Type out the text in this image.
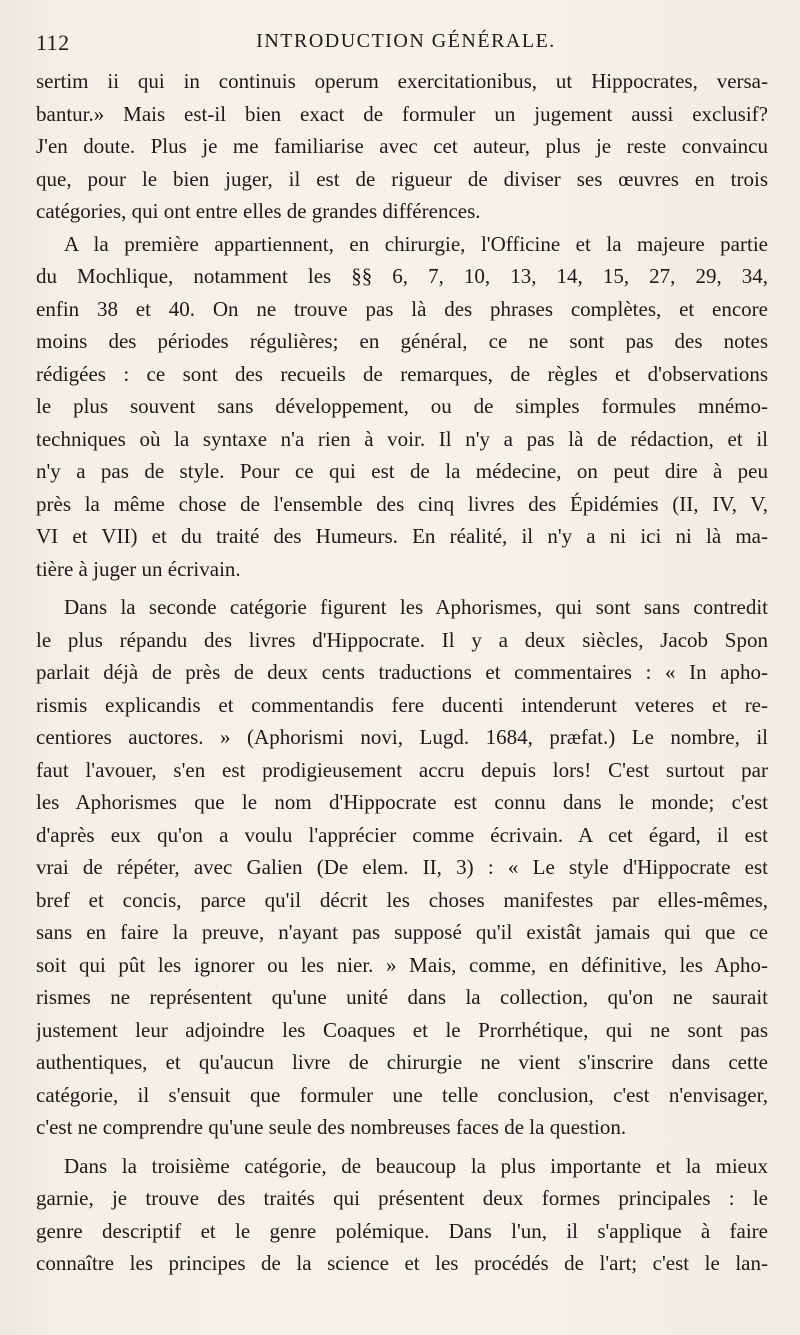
112	INTRODUCTION GÉNÉRALE.
sertim ii qui in continuis operum exercitationibus, ut Hippocrates, versa-
bantur.» Mais est-il bien exact de formuler un jugement aussi exclusif?
J'en doute. Plus je me familiarise avec cet auteur, plus je reste convaincu
que, pour le bien juger, il est de rigueur de diviser ses œuvres en trois
catégories, qui ont entre elles de grandes différences.
A la première appartiennent, en chirurgie, l'Officine et la majeure partie
du Mochlique, notamment les §§ 6, 7, 10, 13, 14, 15, 27, 29, 34,
enfin 38 et 40. On ne trouve pas là des phrases complètes, et encore
moins des périodes régulières; en général, ce ne sont pas des notes
rédigées : ce sont des recueils de remarques, de règles et d'observations
le plus souvent sans développement, ou de simples formules mnémo-
techniques où la syntaxe n'a rien à voir. Il n'y a pas là de rédaction, et il
n'y a pas de style. Pour ce qui est de la médecine, on peut dire à peu
près la même chose de l'ensemble des cinq livres des Épidémies (II, IV, V,
VI et VII) et du traité des Humeurs. En réalité, il n'y a ni ici ni là ma-
tière à juger un écrivain.
Dans la seconde catégorie figurent les Aphorismes, qui sont sans contredit
le plus répandu des livres d'Hippocrate. Il y a deux siècles, Jacob Spon
parlait déjà de près de deux cents traductions et commentaires : « In apho-
rismis explicandis et commentandis fere ducenti intenderunt veteres et re-
centiores auctores. » (Aphorismi novi, Lugd. 1684, præfat.) Le nombre, il
faut l'avouer, s'en est prodigieusement accru depuis lors! C'est surtout par
les Aphorismes que le nom d'Hippocrate est connu dans le monde; c'est
d'après eux qu'on a voulu l'apprécier comme écrivain. A cet égard, il est
vrai de répéter, avec Galien (De elem. II, 3) : « Le style d'Hippocrate est
bref et concis, parce qu'il décrit les choses manifestes par elles-mêmes,
sans en faire la preuve, n'ayant pas supposé qu'il existât jamais qui que ce
soit qui pût les ignorer ou les nier. » Mais, comme, en définitive, les Apho-
rismes ne représentent qu'une unité dans la collection, qu'on ne saurait
justement leur adjoindre les Coaques et le Prorrhétique, qui ne sont pas
authentiques, et qu'aucun livre de chirurgie ne vient s'inscrire dans cette
catégorie, il s'ensuit que formuler une telle conclusion, c'est n'envisager,
c'est ne comprendre qu'une seule des nombreuses faces de la question.
Dans la troisième catégorie, de beaucoup la plus importante et la mieux
garnie, je trouve des traités qui présentent deux formes principales : le
genre descriptif et le genre polémique. Dans l'un, il s'applique à faire
connaître les principes de la science et les procédés de l'art; c'est le lan-
